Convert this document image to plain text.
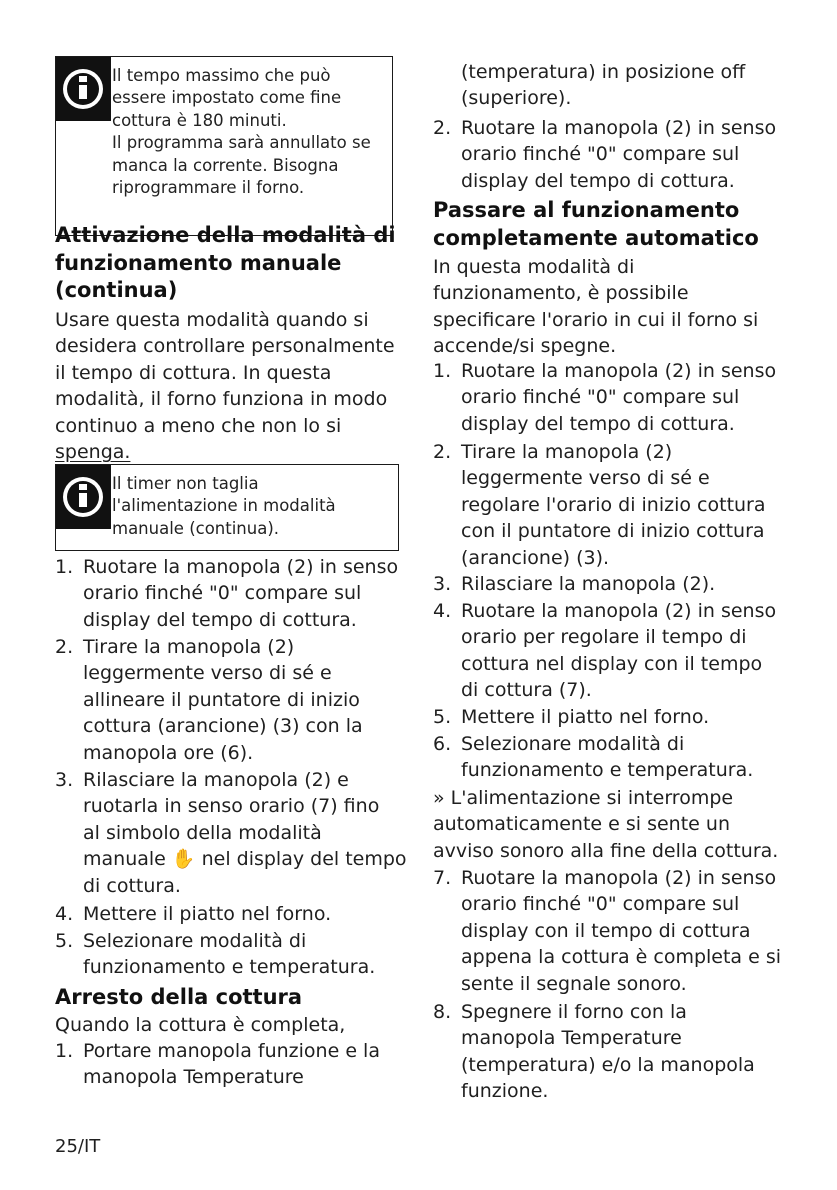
Il tempo massimo che può
essere impostato come fine
cottura è 180 minuti.
Il programma sarà annullato se
manca la corrente. Bisogna
riprogrammare il forno.
Attivazione della modalità di
funzionamento manuale
(continua)
Usare questa modalità quando si
desidera controllare personalmente
il tempo di cottura. In questa
modalità, il forno funziona in modo
continuo a meno che non lo si
spenga.
Il timer non taglia
l'alimentazione in modalità
manuale (continua).
1. Ruotare la manopola (2) in senso
orario finché "0" compare sul
display del tempo di cottura.
2. Tirare la manopola (2)
leggermente verso di sé e
allineare il puntatore di inizio
cottura (arancione) (3) con la
manopola ore (6).
3. Rilasciare la manopola (2) e
ruotarla in senso orario (7) fino
al simbolo della modalità
manuale ✋ nel display del tempo
di cottura.
4. Mettere il piatto nel forno.
5. Selezionare modalità di
funzionamento e temperatura.
Arresto della cottura
Quando la cottura è completa,
1. Portare manopola funzione e la
manopola Temperature
(temperatura) in posizione off
(superiore).
2. Ruotare la manopola (2) in senso
orario finché "0" compare sul
display del tempo di cottura.
Passare al funzionamento
completamente automatico
In questa modalità di
funzionamento, è possibile
specificare l'orario in cui il forno si
accende/si spegne.
1. Ruotare la manopola (2) in senso
orario finché "0" compare sul
display del tempo di cottura.
2. Tirare la manopola (2)
leggermente verso di sé e
regolare l'orario di inizio cottura
con il puntatore di inizio cottura
(arancione) (3).
3. Rilasciare la manopola (2).
4. Ruotare la manopola (2) in senso
orario per regolare il tempo di
cottura nel display con il tempo
di cottura (7).
5. Mettere il piatto nel forno.
6. Selezionare modalità di
funzionamento e temperatura.
» L'alimentazione si interrompe
automaticamente e si sente un
avviso sonoro alla fine della cottura.
7. Ruotare la manopola (2) in senso
orario finché "0" compare sul
display con il tempo di cottura
appena la cottura è completa e si
sente il segnale sonoro.
8. Spegnere il forno con la
manopola Temperature
(temperatura) e/o la manopola
funzione.
25/IT
